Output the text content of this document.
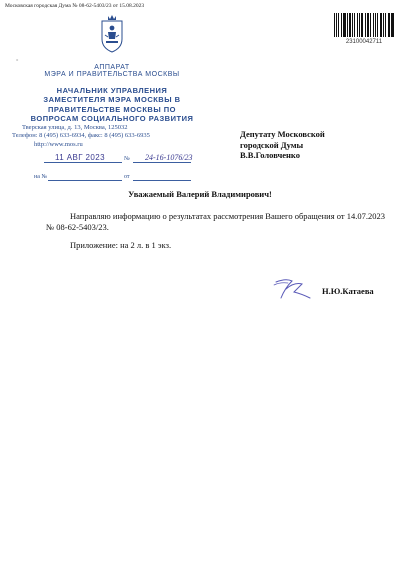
Московская городская Дума № 08-62-5403/23 от 15.08.2023
23100042711
°
АППАРАТ
МЭРА И ПРАВИТЕЛЬСТВА МОСКВЫ
НАЧАЛЬНИК УПРАВЛЕНИЯ
ЗАМЕСТИТЕЛЯ МЭРА МОСКВЫ В
ПРАВИТЕЛЬСТВЕ МОСКВЫ ПО
ВОПРОСАМ СОЦИАЛЬНОГО РАЗВИТИЯ
Тверская улица, д. 13, Москва, 125032
Телефон: 8 (495) 633-6934, факс: 8 (495) 633-6935
http://www.mos.ru
11 АВГ 2023	№ 24-16-1076/23
на №	от
Депутату Московской
городской Думы
В.В.Головченко
Уважаемый Валерий Владимирович!

Направляю информацию о результатах рассмотрения Вашего обращения от 14.07.2023 № 08-62-5403/23.

Приложение: на 2 л. в 1 экз.
Н.Ю.Катаева
